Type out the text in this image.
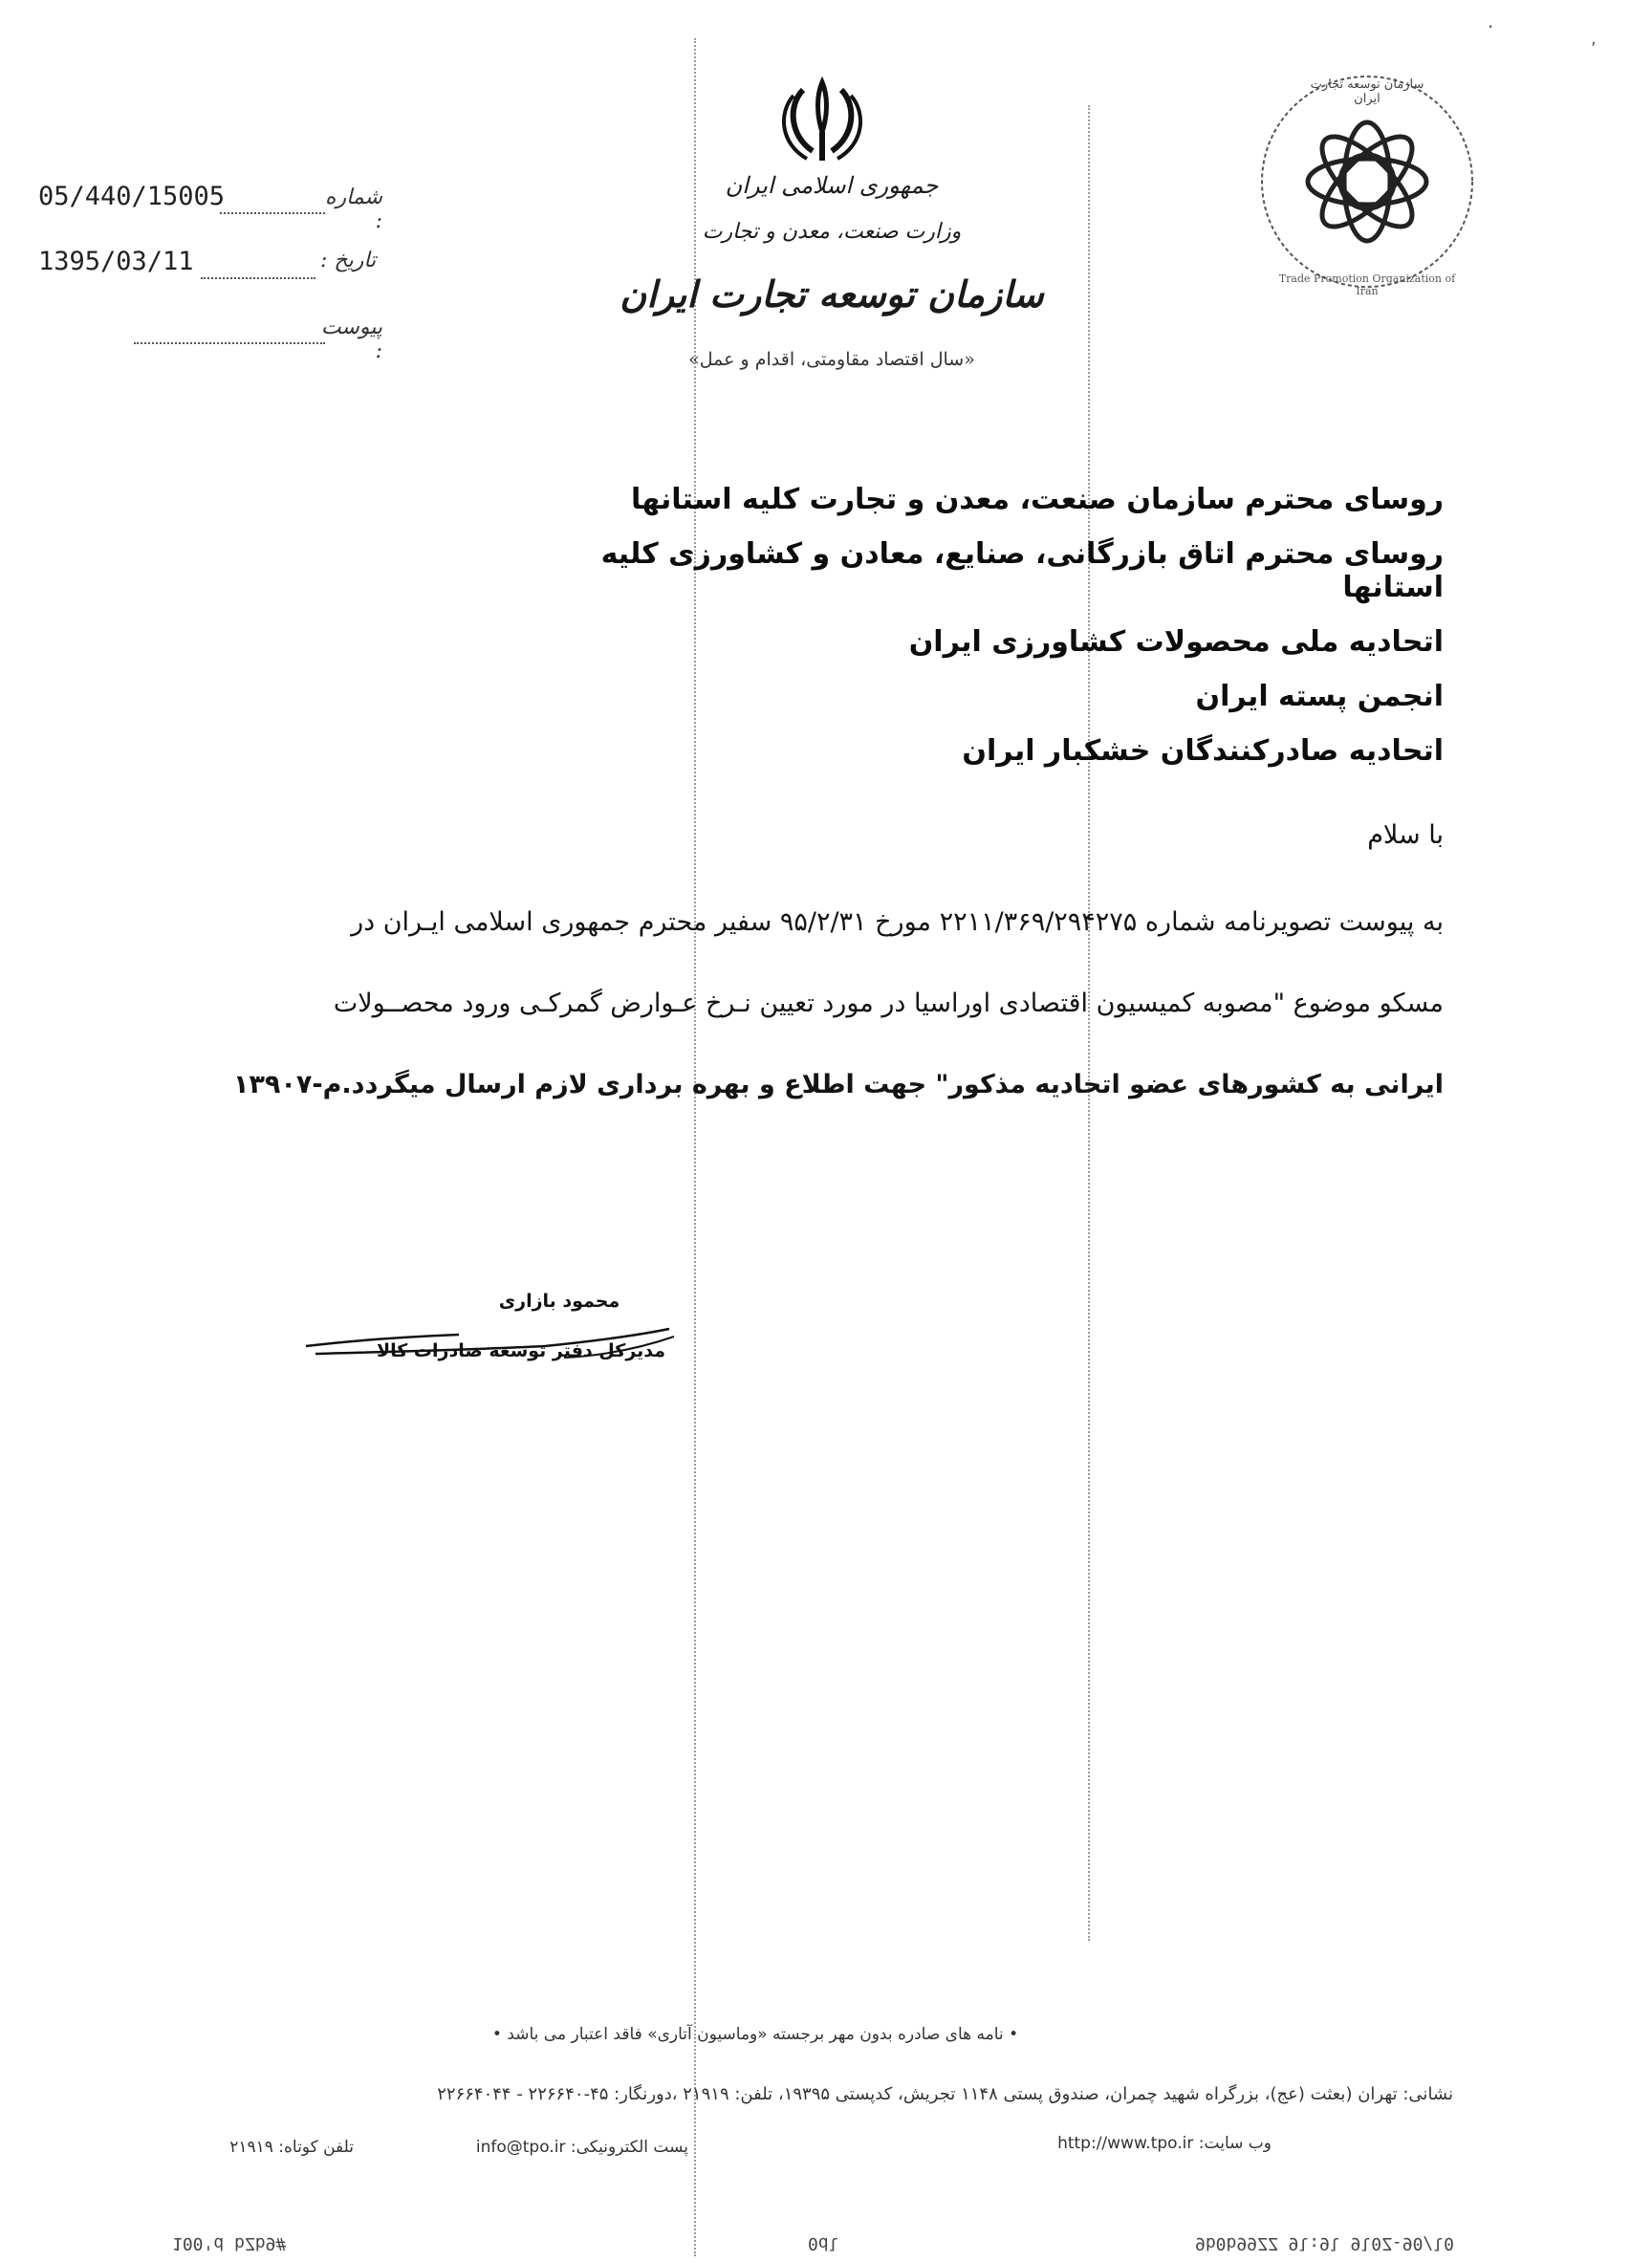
·
,
05/440/15005	شماره :
1395/03/11	تاریخ :
پیوست :
جمهوری اسلامی ایران
وزارت صنعت، معدن و تجارت
سازمان توسعه تجارت ایران
«سال اقتصاد مقاومتی، اقدام و عمل»
سازمان توسعه تجارت ایران
Trade Promotion Organization of Iran
روسای محترم سازمان صنعت، معدن و تجارت کلیه استانها
روسای محترم اتاق بازرگانی، صنایع، معادن و کشاورزی کلیه استانها
اتحادیه ملی محصولات کشاورزی ایران
انجمن پسته ایران
اتحادیه صادرکنندگان خشکبار ایران
با سلام
به پیوست تصویرنامه شماره ۲۲۱۱/۳۶۹/۲۹۴۲۷۵ مورخ ۹۵/۲/۳۱ سفیر محترم جمهوری اسلامی ایـران در
مسکو موضوع "مصوبه کمیسیون اقتصادی اوراسیا در مورد تعیین نـرخ عـوارض گمرکـی ورود محصــولات
ایرانی به کشورهای عضو اتحادیه مذکور" جهت اطلاع و بهره برداری لازم ارسال میگردد.م-۱۳۹۰۷
محمود بازاری
مدیرکل دفتر توسعه صادرات کالا
• نامه های صادره بدون مهر برجسته «وماسیون آتاری» فاقد اعتبار می باشد •
نشانی: تهران (بعثت (عج)، بزرگراه شهید چمران، صندوق پستی ۱۱۴۸ تجریش، کدپستی ۱۹۳۹۵، تلفن: ۲۱۹۱۹ ،دورنگار: ۴۵-۲۲۶۶۴۰ - ۲۲۶۶۴۰۴۴
وب سایت: http://www.tpo.ir
پست الکترونیکی: info@tpo.ir
تلفن کوتاه: ۲۱۹۱۹
100'd bZb9#	0dl	9b0b99ZZ 9l:9l 9l0Z-90/l0
